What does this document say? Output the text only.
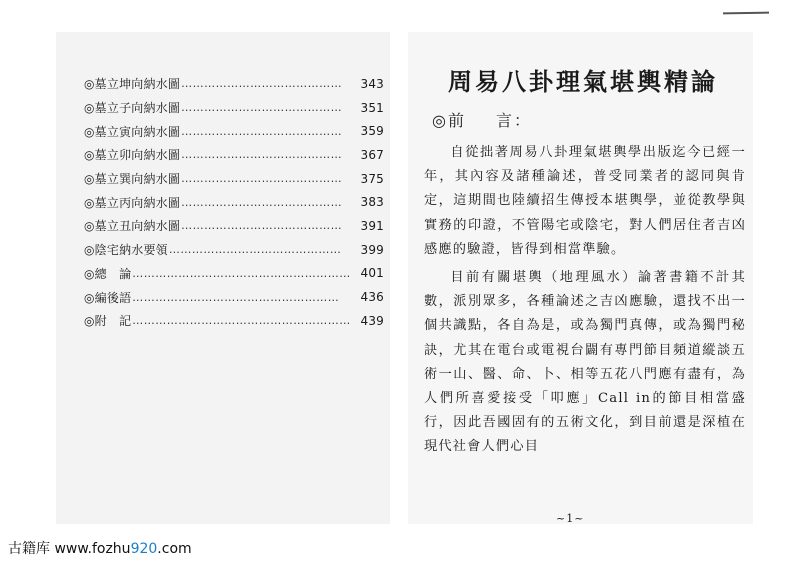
◎墓立坤向納水圖 ……………………………………	343
◎墓立子向納水圖 ……………………………………	351
◎墓立寅向納水圖 ……………………………………	359
◎墓立卯向納水圖 ……………………………………	367
◎墓立巽向納水圖 ……………………………………	375
◎墓立丙向納水圖 ……………………………………	383
◎墓立丑向納水圖 ……………………………………	391
◎陰宅納水要領 ………………………………………	399
◎總　論 ………………………………………………… 401
◎編後語 ………………………………………………	436
◎附　記 ………………………………………………… 439
周易八卦理氣堪輿精論
◎前 言：

自從拙著周易八卦理氣堪輿學出版迄今已經一年，其內容及諸種論述，普受同業者的認同與肯定，這期間也陸續招生傳授本堪輿學，並從教學與實務的印證，不管陽宅或陰宅，對人們居住者吉凶感應的驗證，皆得到相當準驗。

目前有關堪輿（地理風水）論著書籍不計其數，派別眾多，各種論述之吉凶應驗，還找不出一個共識點，各自為是，或為獨門真傳，或為獨門秘訣，尤其在電台或電視台闢有專門節目頻道縱談五術一山、醫、命、卜、相等五花八門應有盡有，為人們所喜愛接受「叩應」Call in的節目相當盛行，因此吾國固有的五術文化，到目前還是深植在現代社會人們心目

~1~
古籍库 www.fozhu920.com
